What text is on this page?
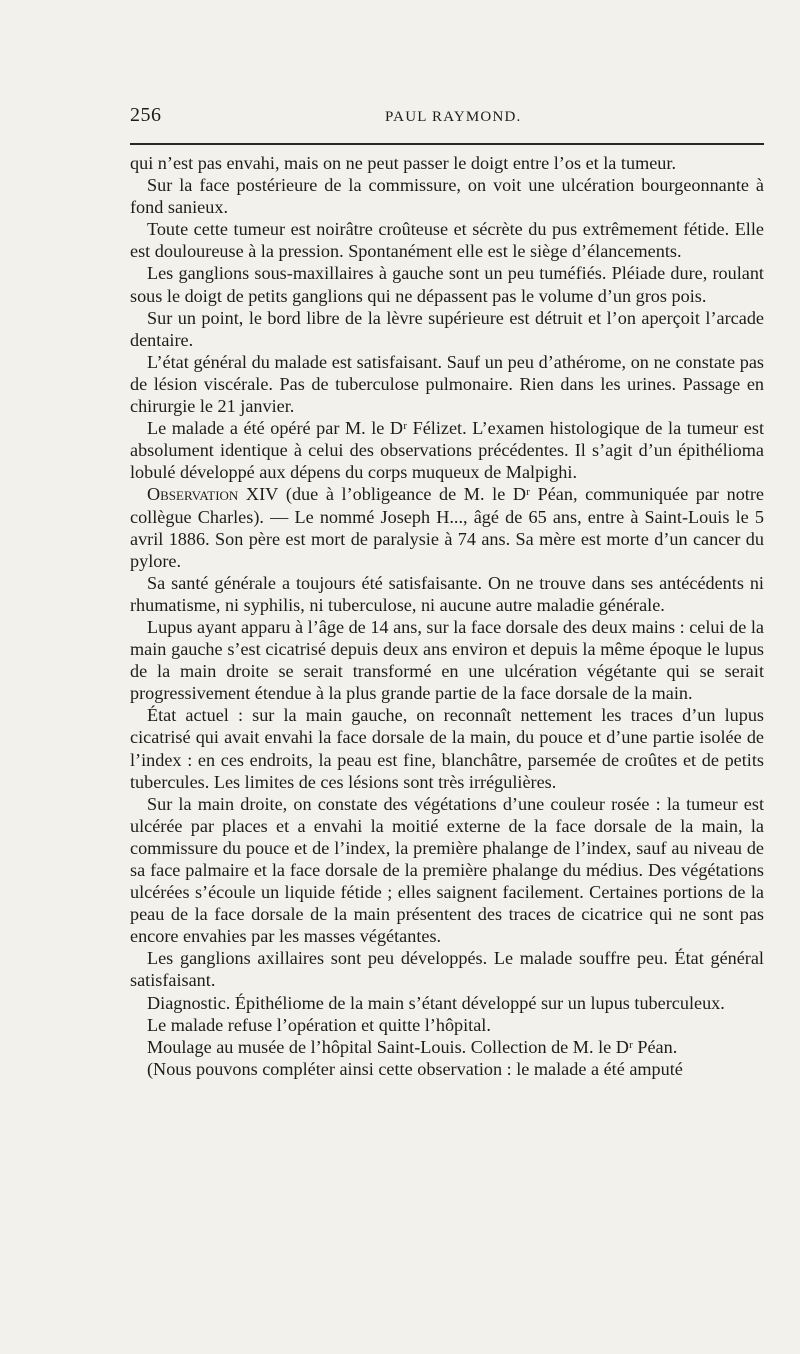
256	PAUL RAYMOND.

qui n’est pas envahi, mais on ne peut passer le doigt entre l’os et la tumeur.

Sur la face postérieure de la commissure, on voit une ulcération bourgeonnante à fond sanieux.

Toute cette tumeur est noirâtre croûteuse et sécrète du pus extrêmement fétide. Elle est douloureuse à la pression. Spontanément elle est le siège d’élancements.

Les ganglions sous-maxillaires à gauche sont un peu tuméfiés. Pléiade dure, roulant sous le doigt de petits ganglions qui ne dépassent pas le volume d’un gros pois.

Sur un point, le bord libre de la lèvre supérieure est détruit et l’on aperçoit l’arcade dentaire.

L’état général du malade est satisfaisant. Sauf un peu d’athérome, on ne constate pas de lésion viscérale. Pas de tuberculose pulmonaire. Rien dans les urines. Passage en chirurgie le 21 janvier.

Le malade a été opéré par M. le Dʳ Félizet. L’examen histologique de la tumeur est absolument identique à celui des observations précédentes. Il s’agit d’un épithélioma lobulé développé aux dépens du corps muqueux de Malpighi.

Observation XIV (due à l’obligeance de M. le Dʳ Péan, communiquée par notre collègue Charles). — Le nommé Joseph H..., âgé de 65 ans, entre à Saint-Louis le 5 avril 1886. Son père est mort de paralysie à 74 ans. Sa mère est morte d’un cancer du pylore.

Sa santé générale a toujours été satisfaisante. On ne trouve dans ses antécédents ni rhumatisme, ni syphilis, ni tuberculose, ni aucune autre maladie générale.

Lupus ayant apparu à l’âge de 14 ans, sur la face dorsale des deux mains : celui de la main gauche s’est cicatrisé depuis deux ans environ et depuis la même époque le lupus de la main droite se serait transformé en une ulcération végétante qui se serait progressivement étendue à la plus grande partie de la face dorsale de la main.

État actuel : sur la main gauche, on reconnaît nettement les traces d’un lupus cicatrisé qui avait envahi la face dorsale de la main, du pouce et d’une partie isolée de l’index : en ces endroits, la peau est fine, blanchâtre, parsemée de croûtes et de petits tubercules. Les limites de ces lésions sont très irrégulières.

Sur la main droite, on constate des végétations d’une couleur rosée : la tumeur est ulcérée par places et a envahi la moitié externe de la face dorsale de la main, la commissure du pouce et de l’index, la première phalange de l’index, sauf au niveau de sa face palmaire et la face dorsale de la première phalange du médius. Des végétations ulcérées s’écoule un liquide fétide ; elles saignent facilement. Certaines portions de la peau de la face dorsale de la main présentent des traces de cicatrice qui ne sont pas encore envahies par les masses végétantes.

Les ganglions axillaires sont peu développés. Le malade souffre peu. État général satisfaisant.

Diagnostic. Épithéliome de la main s’étant développé sur un lupus tuberculeux.

Le malade refuse l’opération et quitte l’hôpital.

Moulage au musée de l’hôpital Saint-Louis. Collection de M. le Dʳ Péan.

(Nous pouvons compléter ainsi cette observation : le malade a été amputé
